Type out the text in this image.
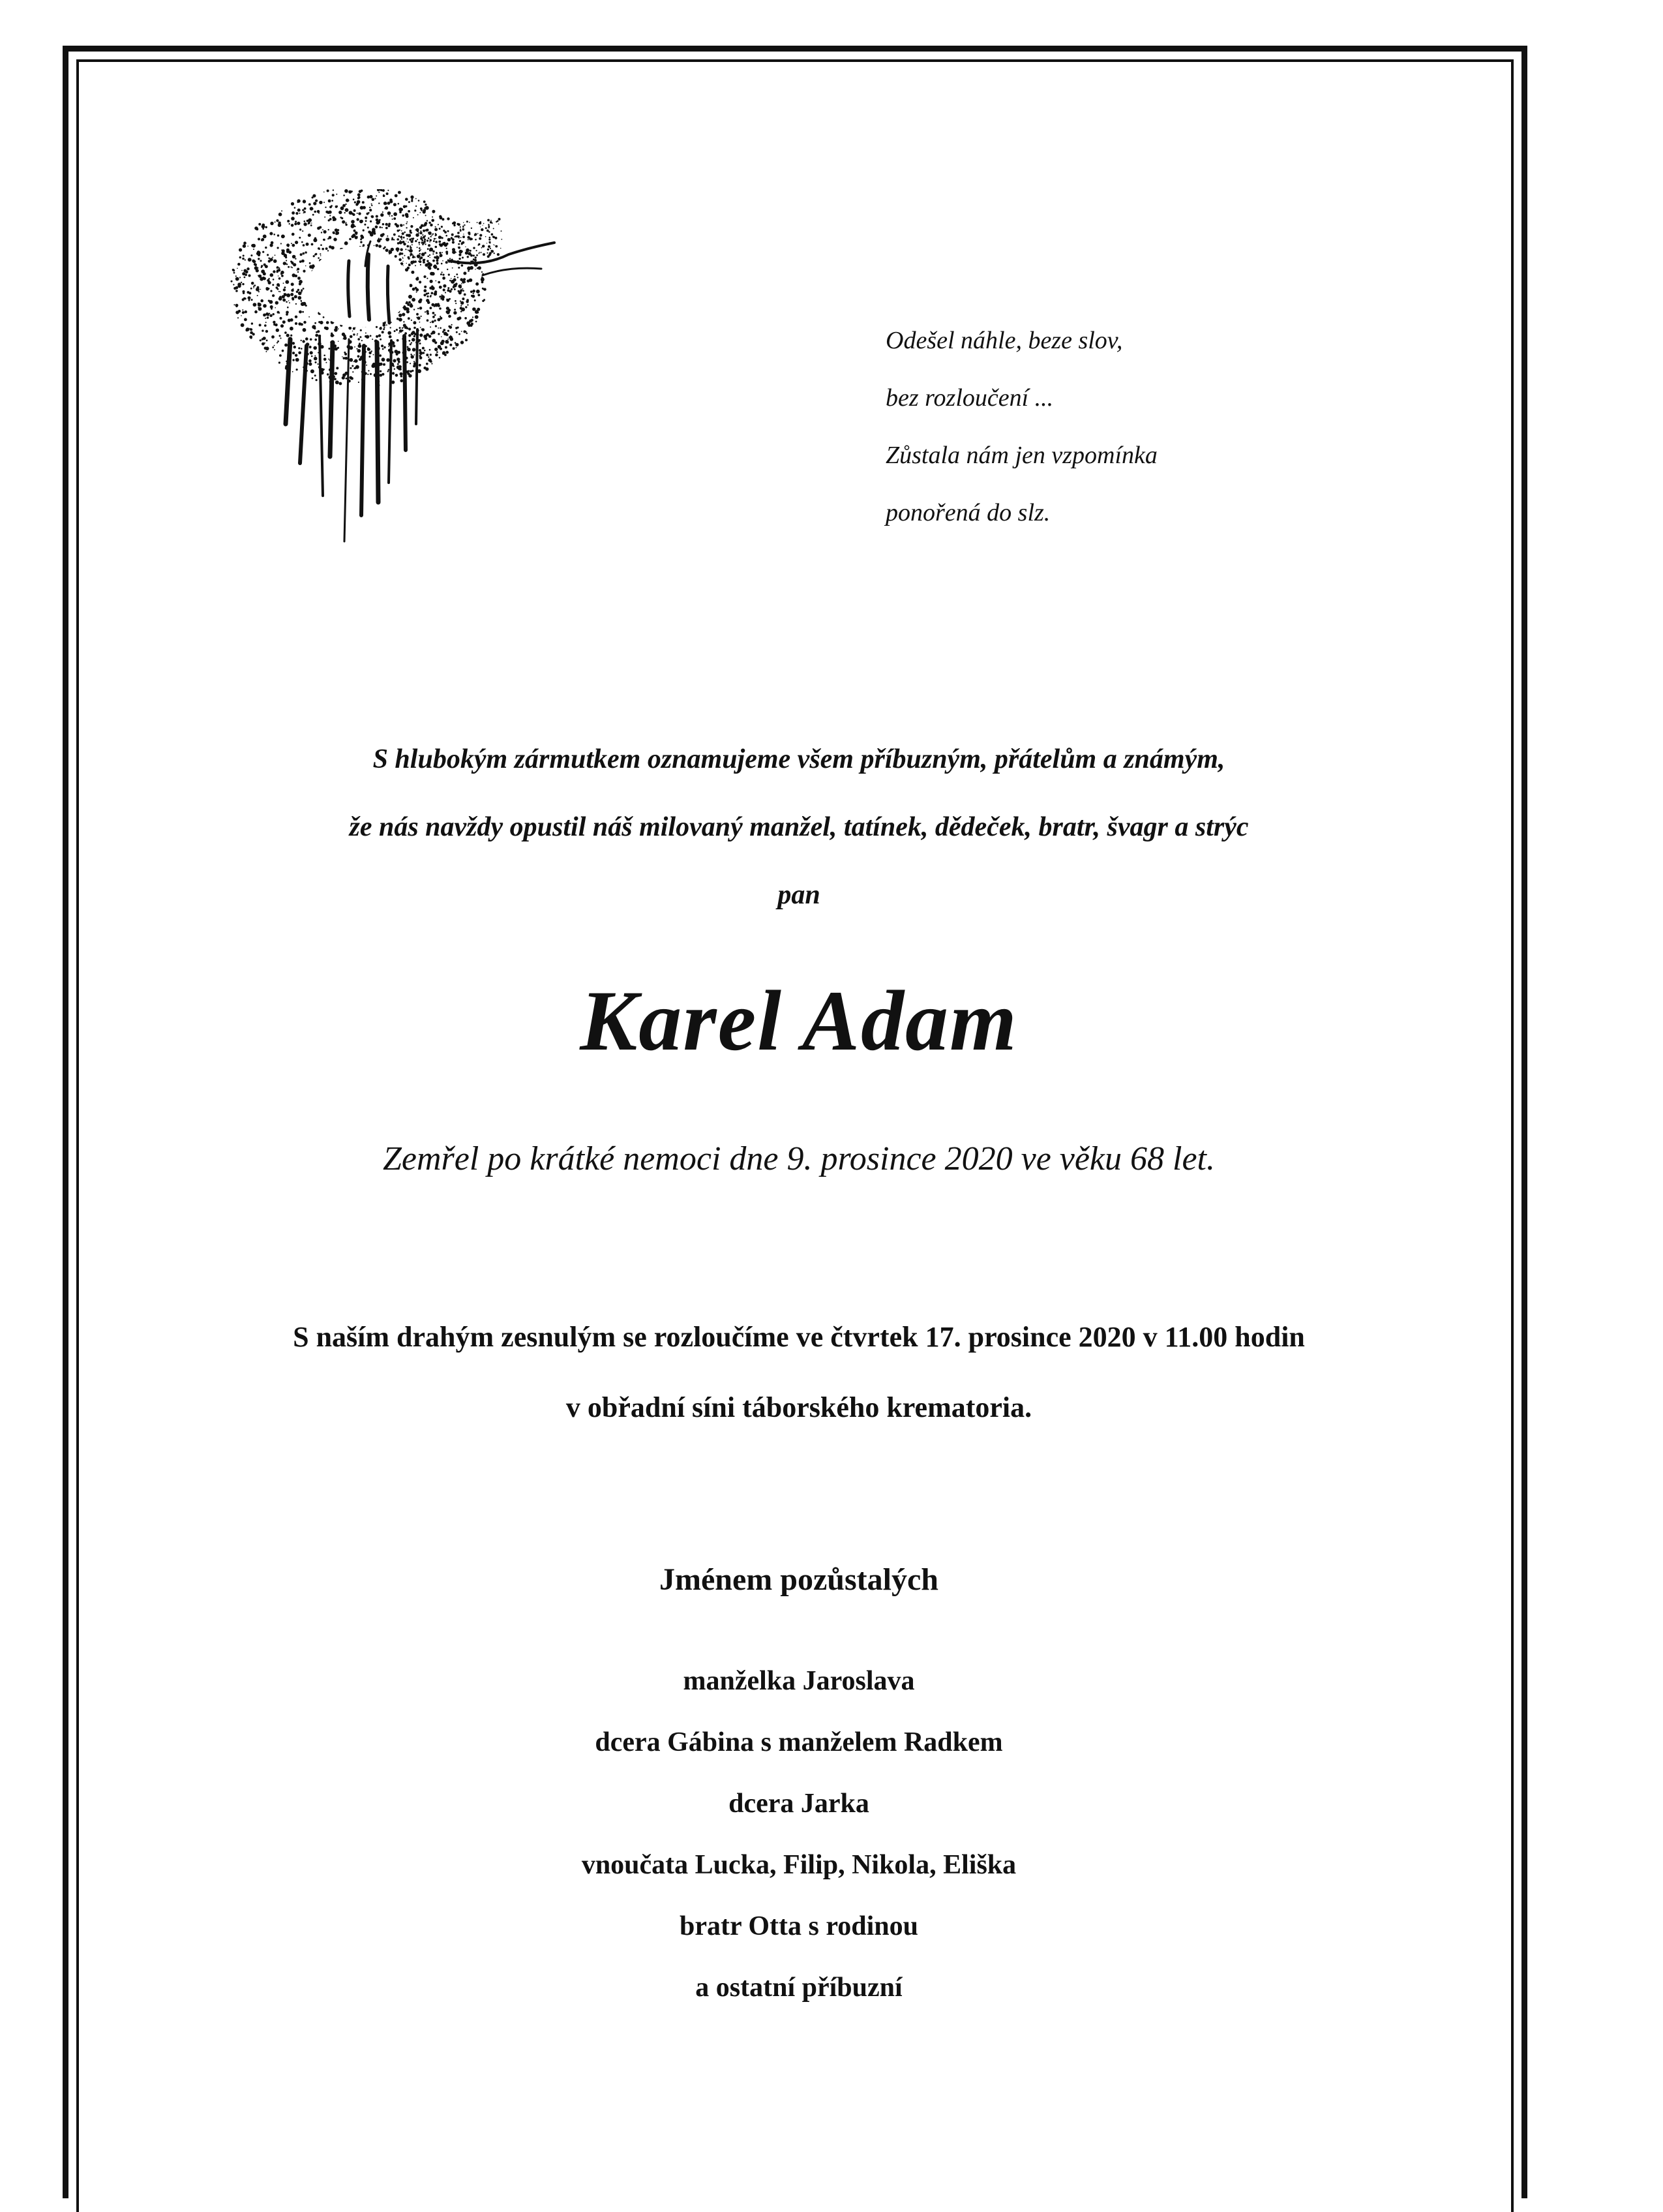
Odešel náhle, beze slov,
bez rozloučení ...
Zůstala nám jen vzpomínka
ponořená do slz.
S hlubokým zármutkem oznamujeme všem příbuzným, přátelům a známým,
že nás navždy opustil náš milovaný manžel, tatínek, dědeček, bratr, švagr a strýc
pan
Karel Adam
Zemřel po krátké nemoci dne 9. prosince 2020 ve věku 68 let.
S naším drahým zesnulým se rozloučíme ve čtvrtek 17. prosince 2020 v 11.00 hodin
v obřadní síni táborského krematoria.
Jménem pozůstalých
manželka Jaroslava
dcera Gábina s manželem Radkem
dcera Jarka
vnoučata Lucka, Filip, Nikola, Eliška
bratr Otta s rodinou
a ostatní příbuzní
